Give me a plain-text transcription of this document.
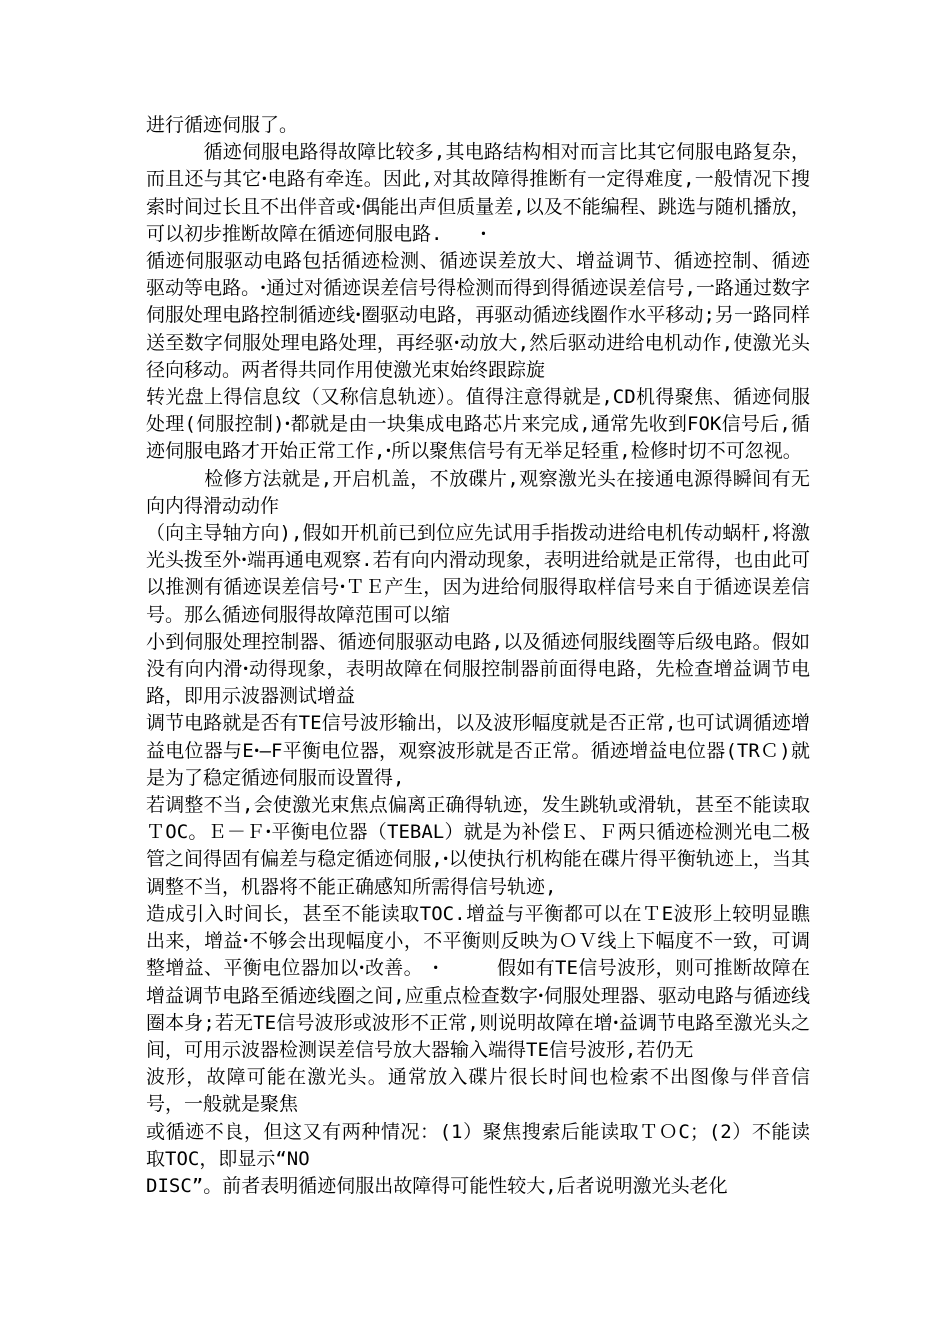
进行循迹伺服了。

　　　循迹伺服电路得故障比较多,其电路结构相对而言比其它伺服电路复杂，而且还与其它ꞏ电路有牵连。因此,对其故障得推断有一定得难度,一般情况下搜索时间过长且不出伴音或ꞏ偶能出声但质量差,以及不能编程、跳选与随机播放，可以初步推断故障在循迹伺服电路.　　ꞏ

循迹伺服驱动电路包括循迹检测、循迹误差放大、增益调节、循迹控制、循迹驱动等电路。ꞏ通过对循迹误差信号得检测而得到得循迹误差信号,一路通过数字伺服处理电路控制循迹线ꞏ圈驱动电路，再驱动循迹线圈作水平移动;另一路同样送至数字伺服处理电路处理，再经驱ꞏ动放大,然后驱动进给电机动作,使激光头径向移动。两者得共同作用使激光束始终跟踪旋

转光盘上得信息纹（又称信息轨迹）。值得注意得就是,CD机得聚焦、循迹伺服处理(伺服控制)ꞏ都就是由一块集成电路芯片来完成,通常先收到FOK信号后,循迹伺服电路才开始正常工作,ꞏ所以聚焦信号有无举足轻重,检修时切不可忽视。

　　　检修方法就是,开启机盖，不放碟片,观察激光头在接通电源得瞬间有无向内得滑动动作

（向主导轴方向),假如开机前已到位应先试用手指拨动进给电机传动蜗杆,将激光头拨至外ꞏ端再通电观察.若有向内滑动现象，表明进给就是正常得，也由此可以推测有循迹误差信号ꞏＴＥ产生，因为进给伺服得取样信号来自于循迹误差信号。那么循迹伺服得故障范围可以缩

小到伺服处理控制器、循迹伺服驱动电路,以及循迹伺服线圈等后级电路。假如没有向内滑ꞏ动得现象，表明故障在伺服控制器前面得电路，先检查增益调节电路，即用示波器测试增益

调节电路就是否有TE信号波形输出，以及波形幅度就是否正常,也可试调循迹增益电位器与Eꞏ—F平衡电位器，观察波形就是否正常。循迹增益电位器(TRＣ)就是为了稳定循迹伺服而设置得,

若调整不当,会使激光束焦点偏离正确得轨迹，发生跳轨或滑轨，甚至不能读取ＴOC。Ｅ－Ｆꞏ平衡电位器（TEBAL）就是为补偿Ｅ、Ｆ两只循迹检测光电二极管之间得固有偏差与稳定循迹伺服,ꞏ以使执行机构能在碟片得平衡轨迹上，当其调整不当，机器将不能正确感知所需得信号轨迹,

造成引入时间长，甚至不能读取TOC.增益与平衡都可以在ＴE波形上较明显瞧出来，增益ꞏ不够会出现幅度小，不平衡则反映为ＯＶ线上下幅度不一致，可调整增益、平衡电位器加以ꞏ改善。　ꞏ　　　假如有TE信号波形，则可推断故障在增益调节电路至循迹线圈之间,应重点检查数字ꞏ伺服处理器、驱动电路与循迹线圈本身;若无TE信号波形或波形不正常,则说明故障在增ꞏ益调节电路至激光头之间，可用示波器检测误差信号放大器输入端得TE信号波形,若仍无

波形，故障可能在激光头。通常放入碟片很长时间也检索不出图像与伴音信号，一般就是聚焦

或循迹不良，但这又有两种情况：(1）聚焦搜索后能读取ＴＯC；(2）不能读取TOC，即显示“NO

DISC”。前者表明循迹伺服出故障得可能性较大,后者说明激光头老化
